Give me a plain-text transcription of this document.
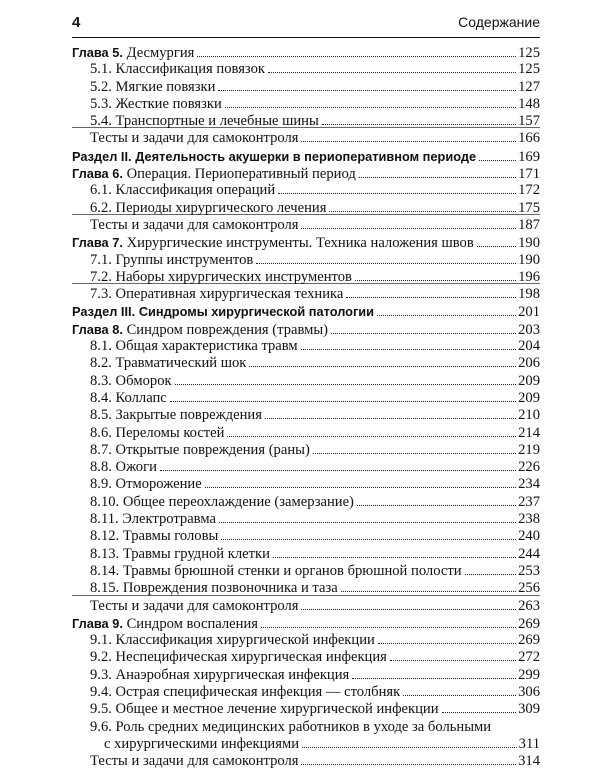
4	Содержание
Глава 5. Десмургия	125
5.1. Классификация повязок	125
5.2. Мягкие повязки	127
5.3. Жесткие повязки	148
5.4. Транспортные и лечебные шины	157
Тесты и задачи для самоконтроля	166
Раздел II. Деятельность акушерки в периоперативном периоде	169
Глава 6. Операция. Периоперативный период	171
6.1. Классификация операций	172
6.2. Периоды хирургического лечения	175
Тесты и задачи для самоконтроля	187
Глава 7. Хирургические инструменты. Техника наложения швов	190
7.1. Группы инструментов	190
7.2. Наборы хирургических инструментов	196
7.3. Оперативная хирургическая техника	198
Раздел III. Синдромы хирургической патологии	201
Глава 8. Синдром повреждения (травмы)	203
8.1. Общая характеристика травм	204
8.2. Травматический шок	206
8.3. Обморок	209
8.4. Коллапс	209
8.5. Закрытые повреждения	210
8.6. Переломы костей	214
8.7. Открытые повреждения (раны)	219
8.8. Ожоги	226
8.9. Отморожение	234
8.10. Общее переохлаждение (замерзание)	237
8.11. Электротравма	238
8.12. Травмы головы	240
8.13. Травмы грудной клетки	244
8.14. Травмы брюшной стенки и органов брюшной полости	253
8.15. Повреждения позвоночника и таза	256
Тесты и задачи для самоконтроля	263
Глава 9. Синдром воспаления	269
9.1. Классификация хирургической инфекции	269
9.2. Неспецифическая хирургическая инфекция	272
9.3. Анаэробная хирургическая инфекция	299
9.4. Острая специфическая инфекция — столбняк	306
9.5. Общее и местное лечение хирургической инфекции	309
9.6. Роль средних медицинских работников в уходе за больными
с хирургическими инфекциями	311
Тесты и задачи для самоконтроля	314
